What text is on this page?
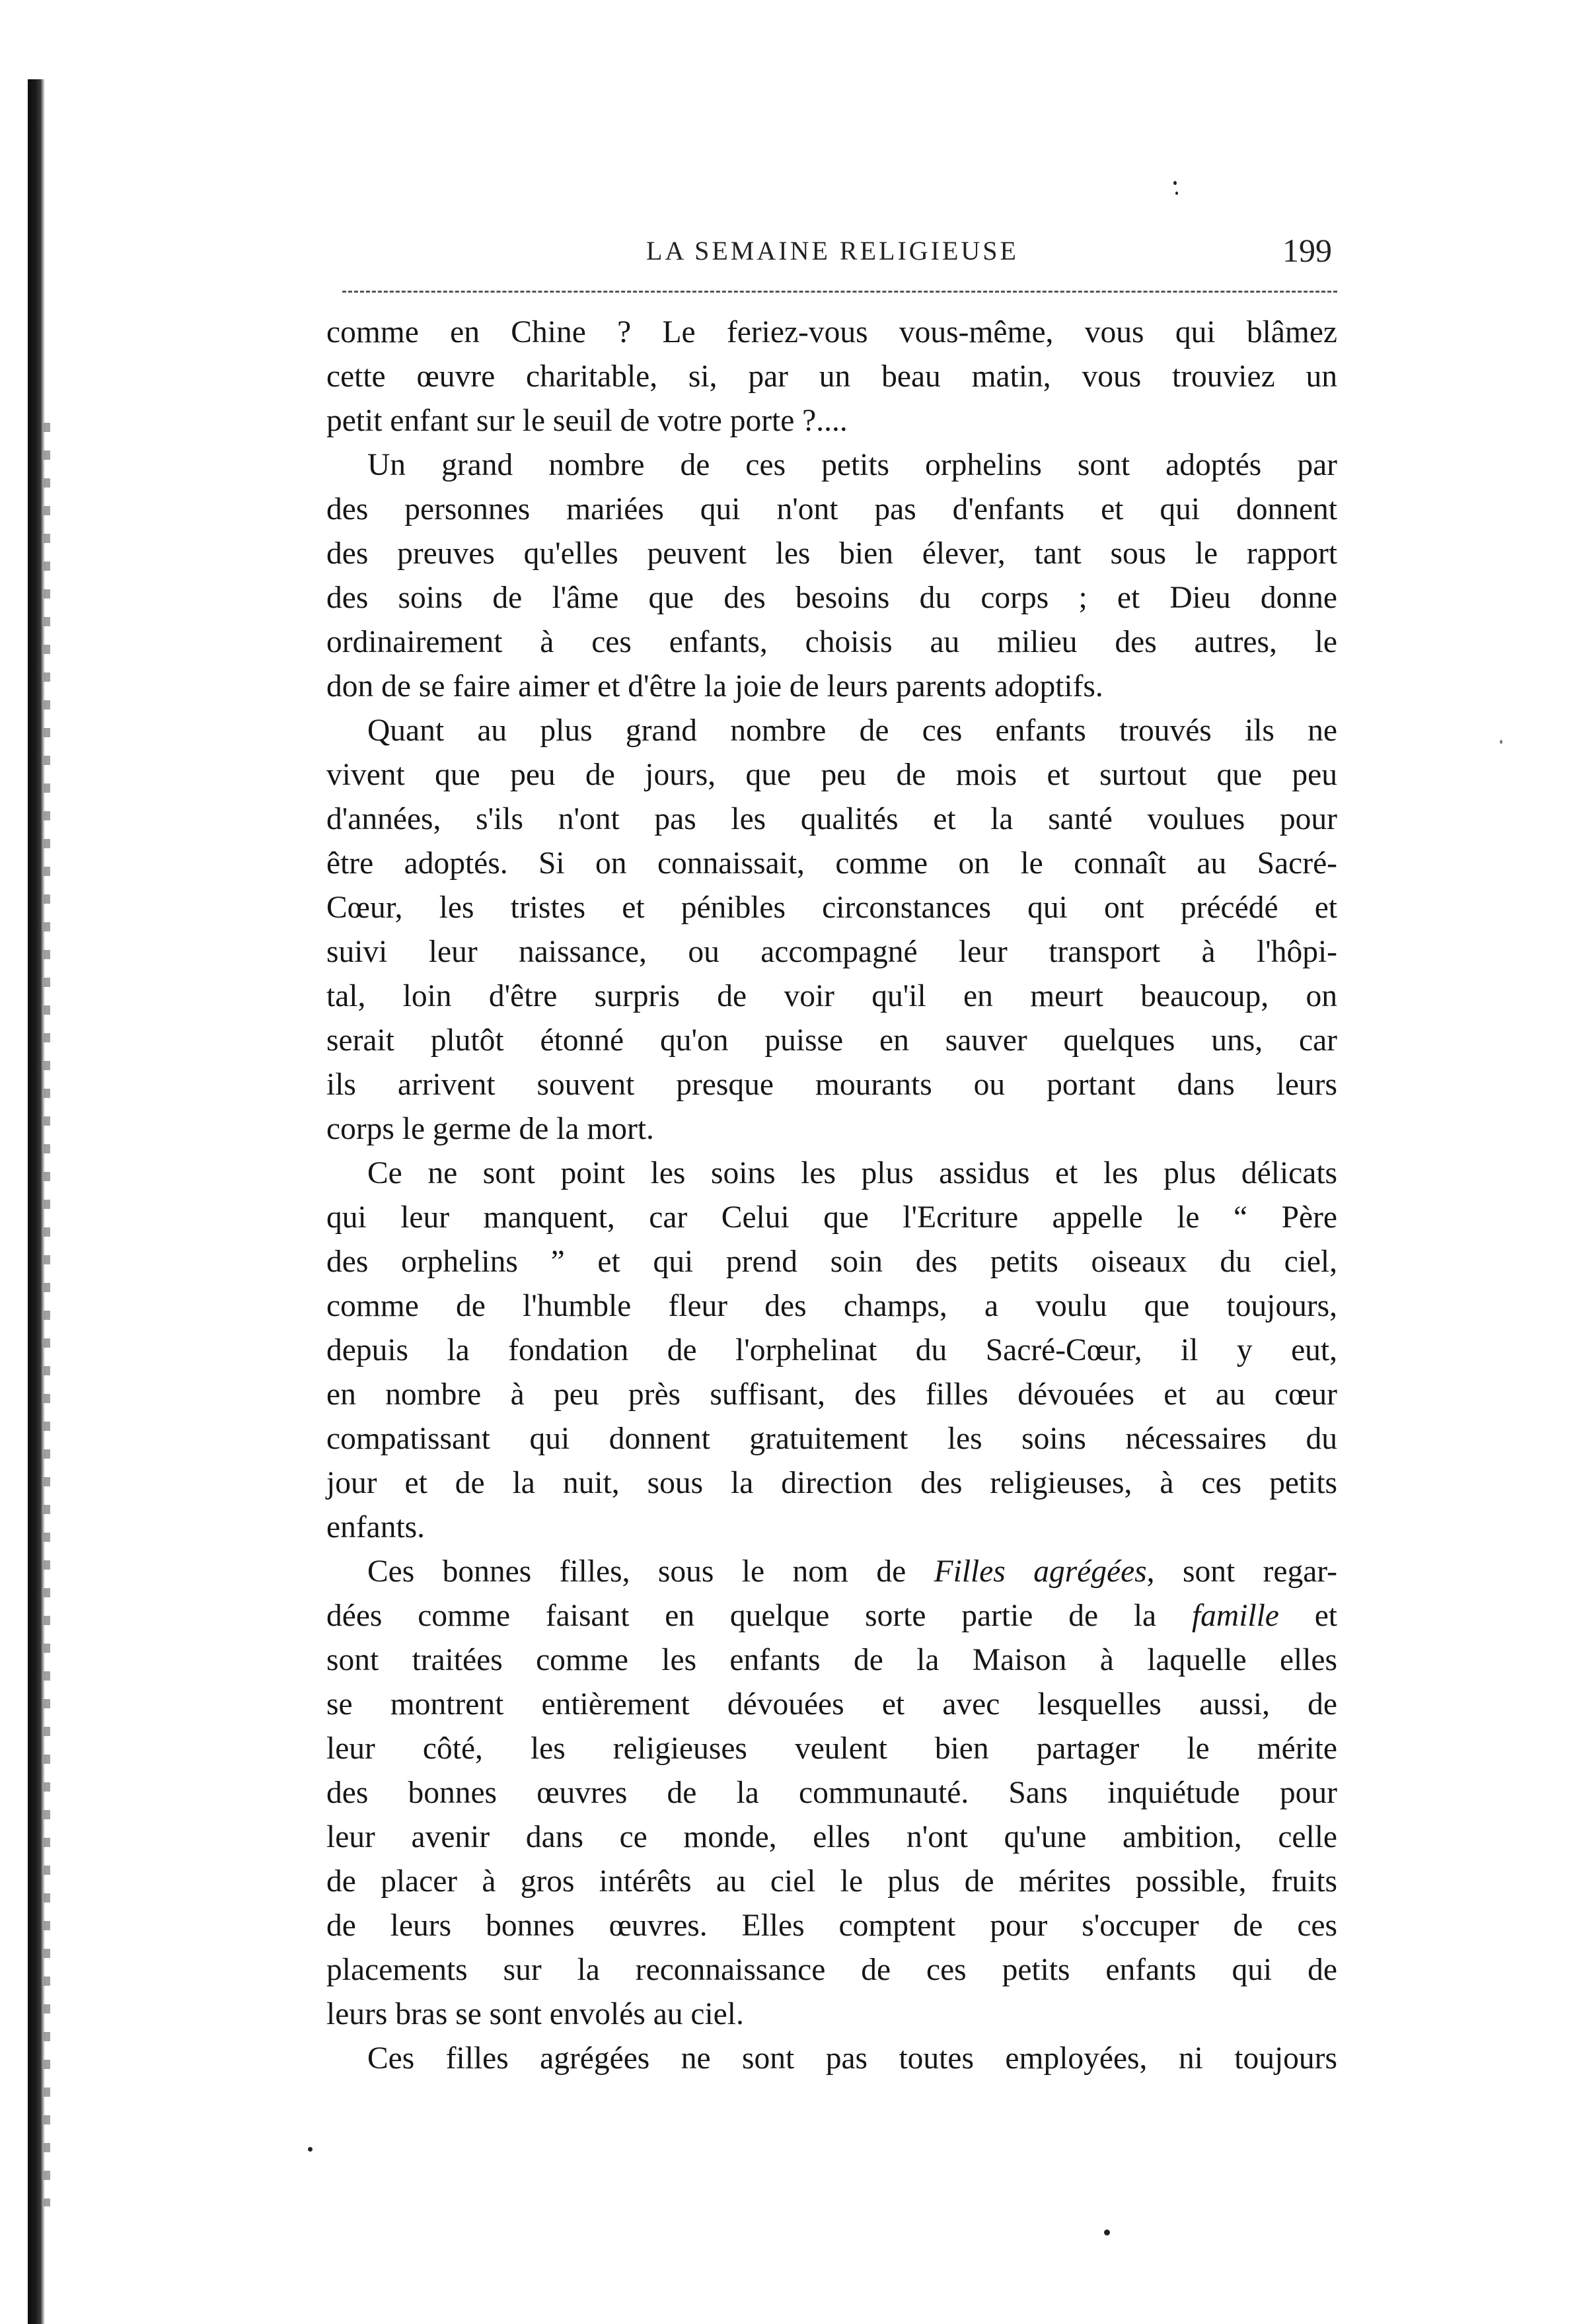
LA SEMAINE RELIGIEUSE	199
comme en Chine ? Le feriez-vous vous-même, vous qui blâmez
cette œuvre charitable, si, par un beau matin, vous trouviez un
petit enfant sur le seuil de votre porte ?....
Un grand nombre de ces petits orphelins sont adoptés par
des personnes mariées qui n'ont pas d'enfants et qui donnent
des preuves qu'elles peuvent les bien élever, tant sous le rapport
des soins de l'âme que des besoins du corps ; et Dieu donne
ordinairement à ces enfants, choisis au milieu des autres, le
don de se faire aimer et d'être la joie de leurs parents adoptifs.
Quant au plus grand nombre de ces enfants trouvés ils ne
vivent que peu de jours, que peu de mois et surtout que peu
d'années, s'ils n'ont pas les qualités et la santé voulues pour
être adoptés. Si on connaissait, comme on le connaît au Sacré-
Cœur, les tristes et pénibles circonstances qui ont précédé et
suivi leur naissance, ou accompagné leur transport à l'hôpi-
tal, loin d'être surpris de voir qu'il en meurt beaucoup, on
serait plutôt étonné qu'on puisse en sauver quelques uns, car
ils arrivent souvent presque mourants ou portant dans leurs
corps le germe de la mort.
Ce ne sont point les soins les plus assidus et les plus délicats
qui leur manquent, car Celui que l'Ecriture appelle le “ Père
des orphelins ” et qui prend soin des petits oiseaux du ciel,
comme de l'humble fleur des champs, a voulu que toujours,
depuis la fondation de l'orphelinat du Sacré-Cœur, il y eut,
en nombre à peu près suffisant, des filles dévouées et au cœur
compatissant qui donnent gratuitement les soins nécessaires du
jour et de la nuit, sous la direction des religieuses, à ces petits
enfants.
Ces bonnes filles, sous le nom de Filles agrégées, sont regar-
dées comme faisant en quelque sorte partie de la famille et
sont traitées comme les enfants de la Maison à laquelle elles
se montrent entièrement dévouées et avec lesquelles aussi, de
leur côté, les religieuses veulent bien partager le mérite
des bonnes œuvres de la communauté. Sans inquiétude pour
leur avenir dans ce monde, elles n'ont qu'une ambition, celle
de placer à gros intérêts au ciel le plus de mérites possible, fruits
de leurs bonnes œuvres. Elles comptent pour s'occuper de ces
placements sur la reconnaissance de ces petits enfants qui de
leurs bras se sont envolés au ciel.
Ces filles agrégées ne sont pas toutes employées, ni toujours
